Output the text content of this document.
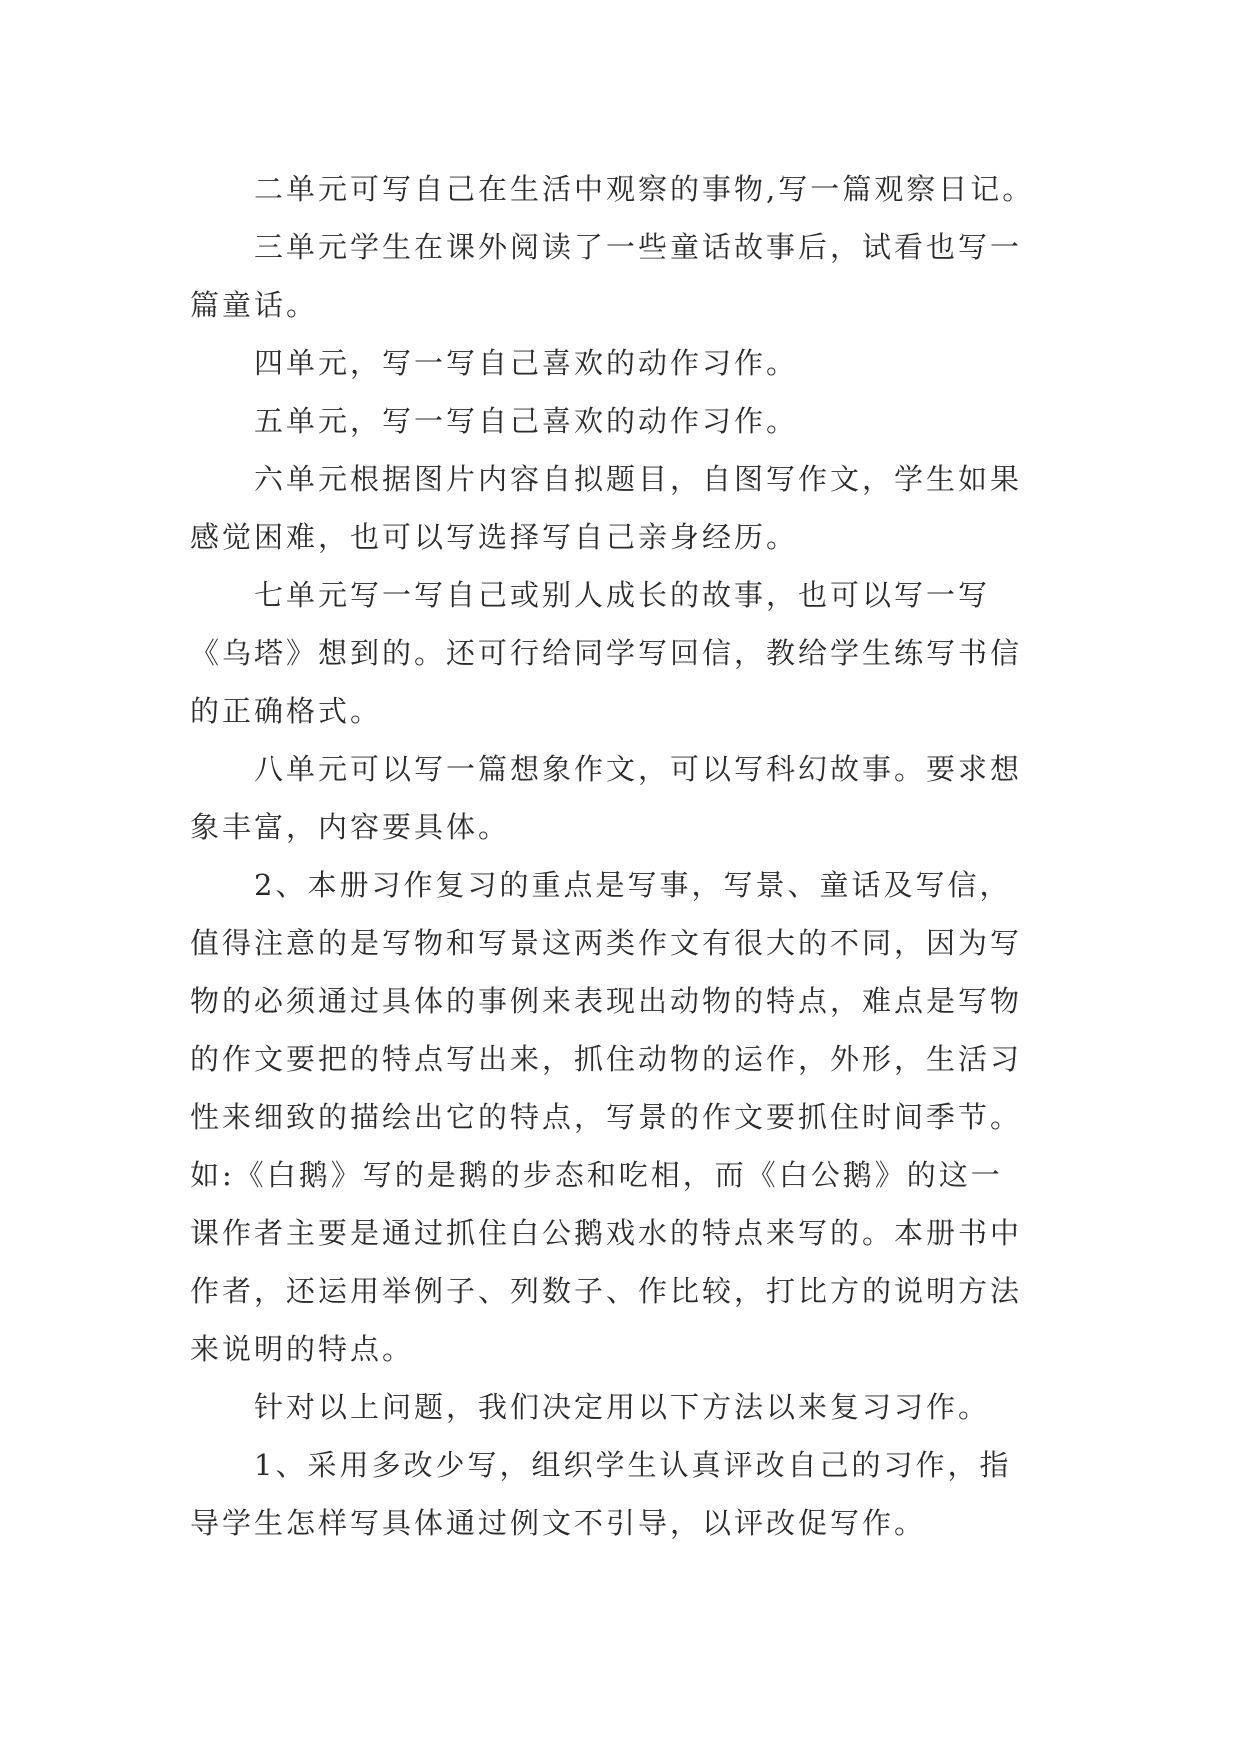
二单元可写自己在生活中观察的事物,写一篇观察日记。
三单元学生在课外阅读了一些童话故事后，试看也写一
篇童话。
四单元，写一写自己喜欢的动作习作。
五单元，写一写自己喜欢的动作习作。
六单元根据图片内容自拟题目，自图写作文，学生如果
感觉困难，也可以写选择写自己亲身经历。
七单元写一写自己或别人成长的故事，也可以写一写
《乌塔》想到的。还可行给同学写回信，教给学生练写书信
的正确格式。
八单元可以写一篇想象作文，可以写科幻故事。要求想
象丰富，内容要具体。
2、本册习作复习的重点是写事，写景、童话及写信，
值得注意的是写物和写景这两类作文有很大的不同，因为写
物的必须通过具体的事例来表现出动物的特点，难点是写物
的作文要把的特点写出来，抓住动物的运作，外形，生活习
性来细致的描绘出它的特点，写景的作文要抓住时间季节。
如:《白鹅》写的是鹅的步态和吃相，而《白公鹅》的这一
课作者主要是通过抓住白公鹅戏水的特点来写的。本册书中
作者，还运用举例子、列数子、作比较，打比方的说明方法
来说明的特点。
针对以上问题，我们决定用以下方法以来复习习作。
1、采用多改少写，组织学生认真评改自己的习作，指
导学生怎样写具体通过例文不引导，以评改促写作。
